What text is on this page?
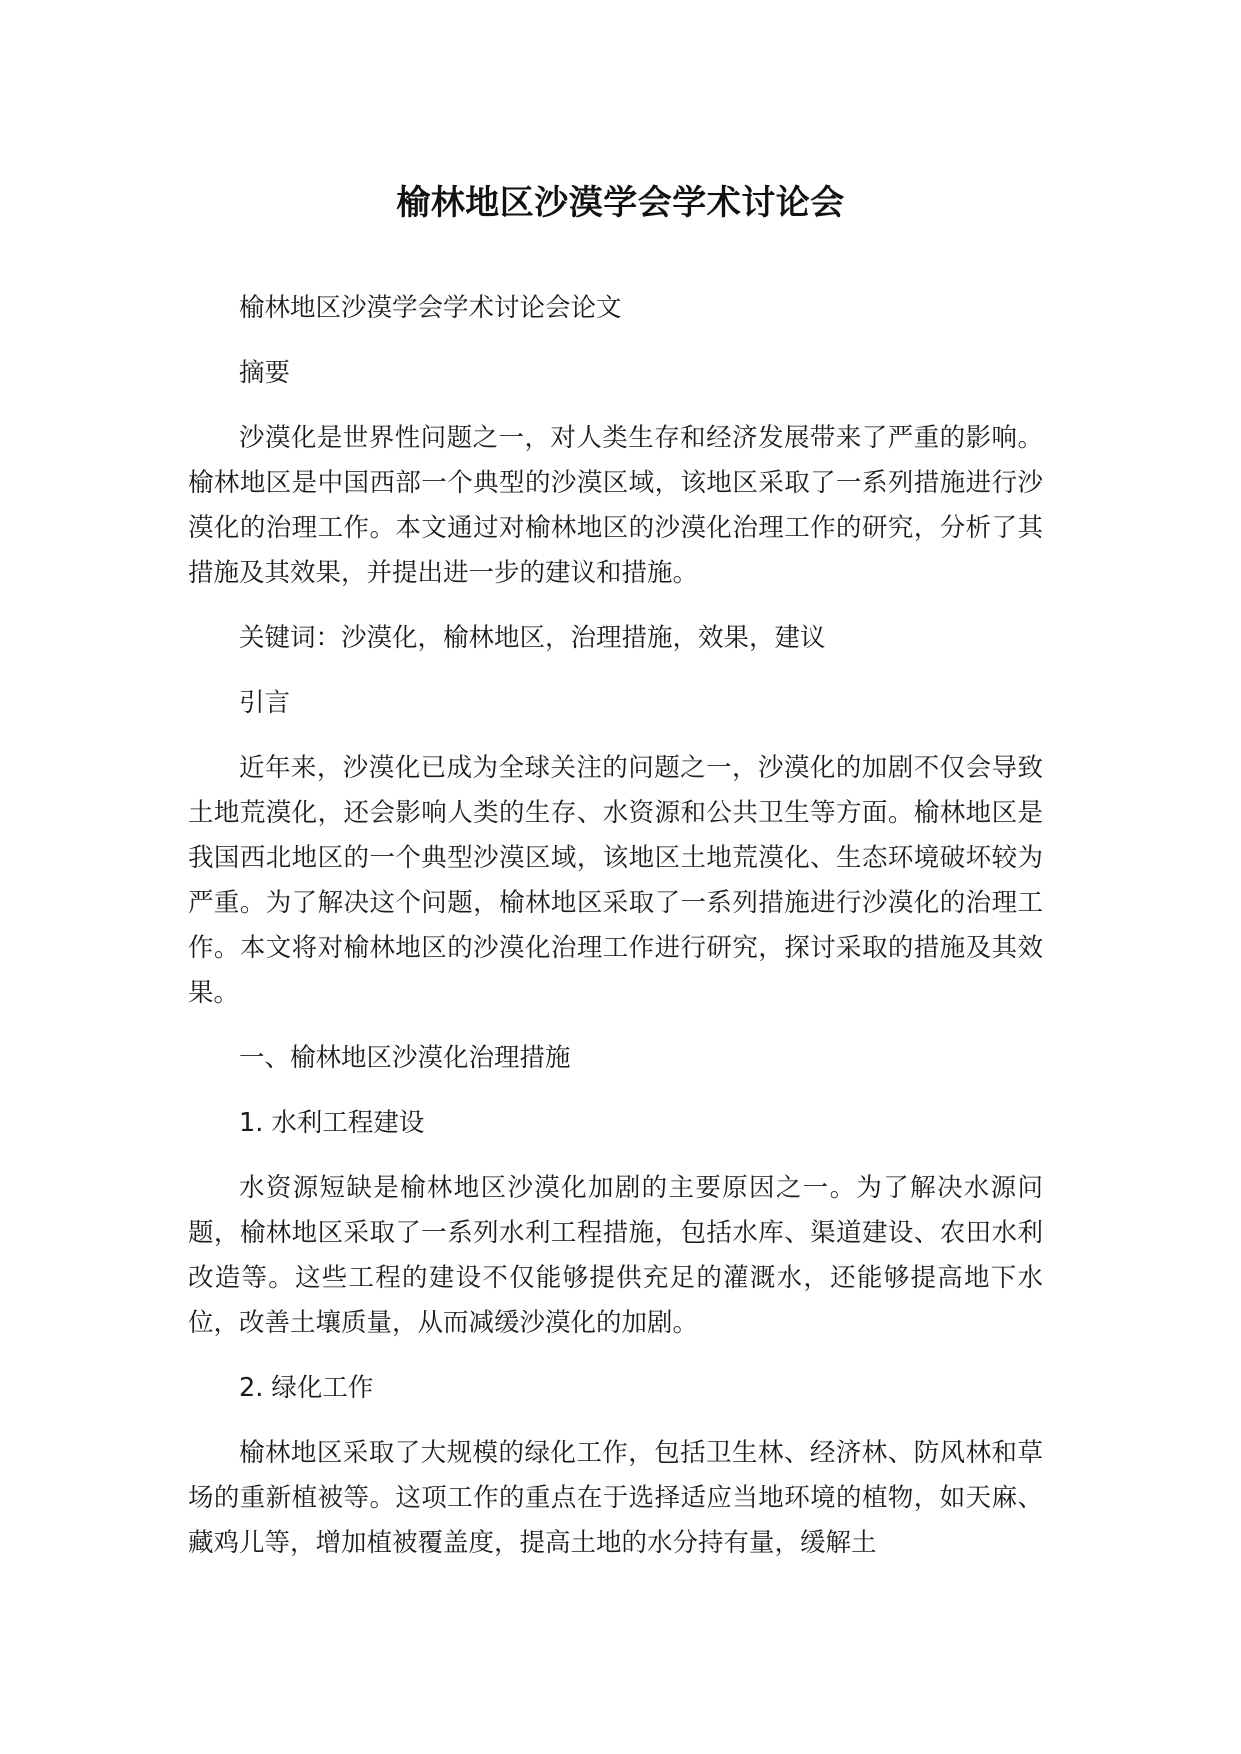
榆林地区沙漠学会学术讨论会

榆林地区沙漠学会学术讨论会论文

摘要

沙漠化是世界性问题之一，对人类生存和经济发展带来了严重的影响。榆林地区是中国西部一个典型的沙漠区域，该地区采取了一系列措施进行沙漠化的治理工作。本文通过对榆林地区的沙漠化治理工作的研究，分析了其措施及其效果，并提出进一步的建议和措施。

关键词：沙漠化，榆林地区，治理措施，效果，建议

引言

近年来，沙漠化已成为全球关注的问题之一，沙漠化的加剧不仅会导致土地荒漠化，还会影响人类的生存、水资源和公共卫生等方面。榆林地区是我国西北地区的一个典型沙漠区域，该地区土地荒漠化、生态环境破坏较为严重。为了解决这个问题，榆林地区采取了一系列措施进行沙漠化的治理工作。本文将对榆林地区的沙漠化治理工作进行研究，探讨采取的措施及其效果。

一、榆林地区沙漠化治理措施

1. 水利工程建设

水资源短缺是榆林地区沙漠化加剧的主要原因之一。为了解决水源问题，榆林地区采取了一系列水利工程措施，包括水库、渠道建设、农田水利改造等。这些工程的建设不仅能够提供充足的灌溉水，还能够提高地下水位，改善土壤质量，从而减缓沙漠化的加剧。

2. 绿化工作

榆林地区采取了大规模的绿化工作，包括卫生林、经济林、防风林和草场的重新植被等。这项工作的重点在于选择适应当地环境的植物，如天麻、藏鸡儿等，增加植被覆盖度，提高土地的水分持有量，缓解土
